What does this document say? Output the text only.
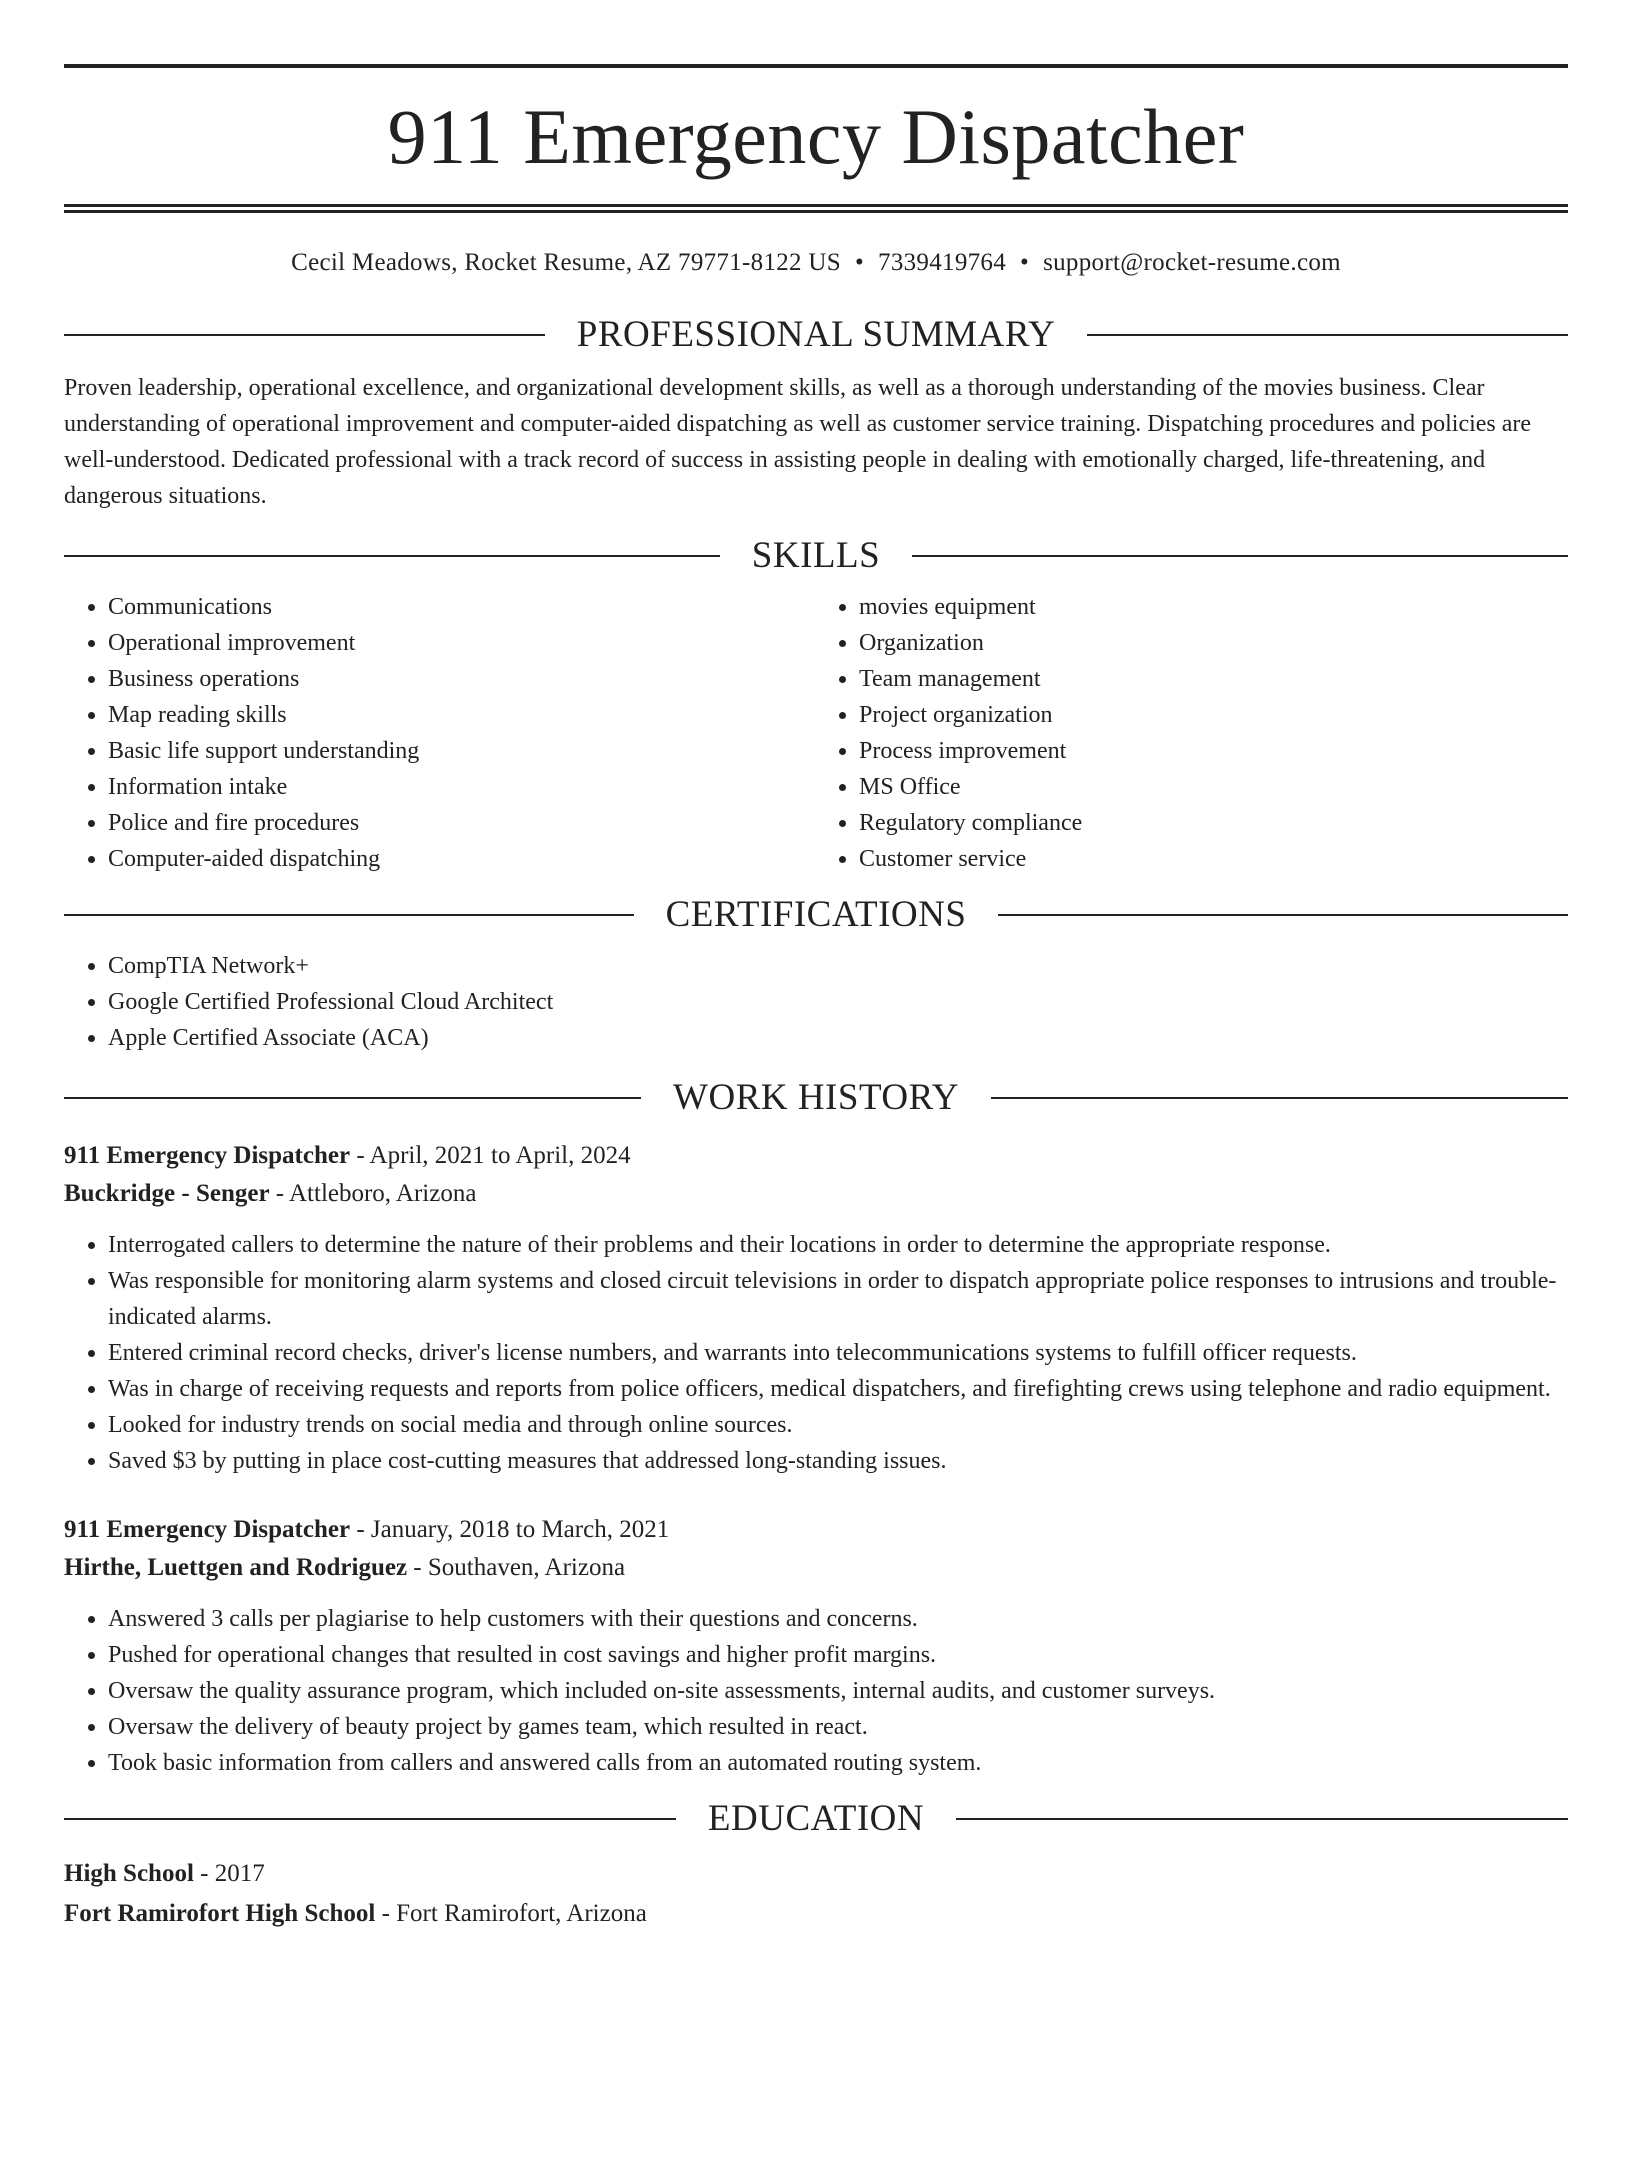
911 Emergency Dispatcher
Cecil Meadows, Rocket Resume, AZ 79771-8122 US • 7339419764 • support@rocket-resume.com
PROFESSIONAL SUMMARY

Proven leadership, operational excellence, and organizational development skills, as well as a thorough understanding of the movies business. Clear understanding of operational improvement and computer-aided dispatching as well as customer service training. Dispatching procedures and policies are well-understood. Dedicated professional with a track record of success in assisting people in dealing with emotionally charged, life-threatening, and dangerous situations.

SKILLS
• Communications
• Operational improvement
• Business operations
• Map reading skills
• Basic life support understanding
• Information intake
• Police and fire procedures
• Computer-aided dispatching
• movies equipment
• Organization
• Team management
• Project organization
• Process improvement
• MS Office
• Regulatory compliance
• Customer service
CERTIFICATIONS
• CompTIA Network+
• Google Certified Professional Cloud Architect
• Apple Certified Associate (ACA)
WORK HISTORY
911 Emergency Dispatcher - April, 2021 to April, 2024
Buckridge - Senger - Attleboro, Arizona
• Interrogated callers to determine the nature of their problems and their locations in order to determine the appropriate response.
• Was responsible for monitoring alarm systems and closed circuit televisions in order to dispatch appropriate police responses to intrusions and trouble-indicated alarms.
• Entered criminal record checks, driver's license numbers, and warrants into telecommunications systems to fulfill officer requests.
• Was in charge of receiving requests and reports from police officers, medical dispatchers, and firefighting crews using telephone and radio equipment.
• Looked for industry trends on social media and through online sources.
• Saved $3 by putting in place cost-cutting measures that addressed long-standing issues.
911 Emergency Dispatcher - January, 2018 to March, 2021
Hirthe, Luettgen and Rodriguez - Southaven, Arizona
• Answered 3 calls per plagiarise to help customers with their questions and concerns.
• Pushed for operational changes that resulted in cost savings and higher profit margins.
• Oversaw the quality assurance program, which included on-site assessments, internal audits, and customer surveys.
• Oversaw the delivery of beauty project by games team, which resulted in react.
• Took basic information from callers and answered calls from an automated routing system.
EDUCATION
High School - 2017
Fort Ramirofort High School - Fort Ramirofort, Arizona
